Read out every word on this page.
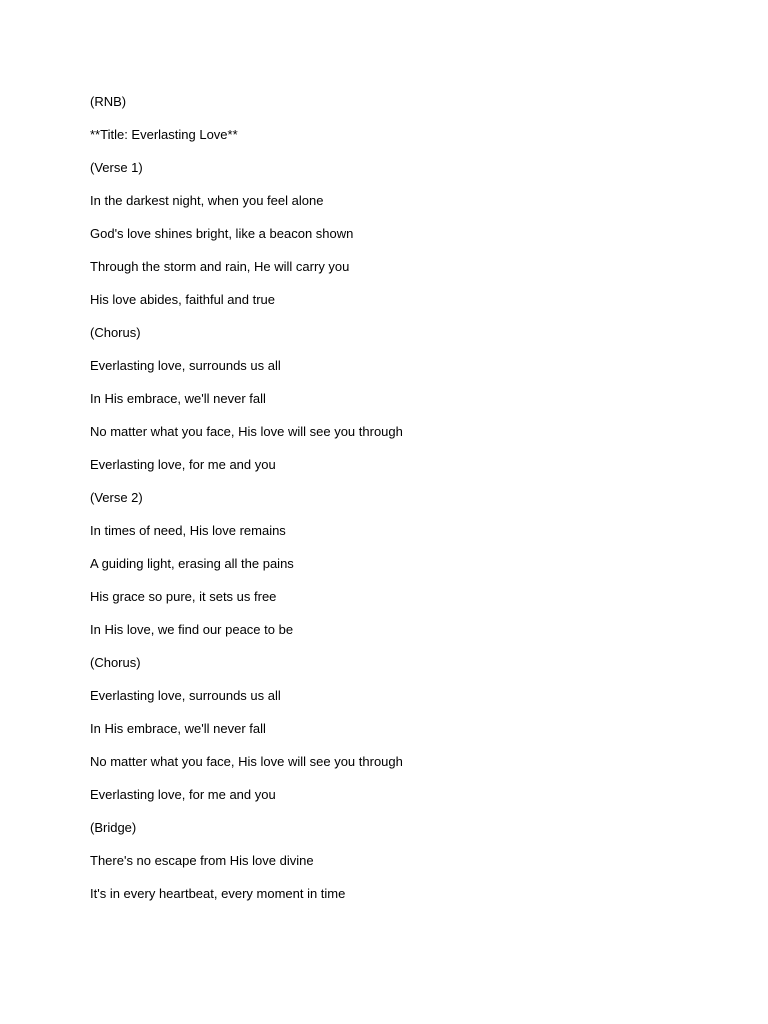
(RNB)
**Title: Everlasting Love**
(Verse 1)
In the darkest night, when you feel alone
God's love shines bright, like a beacon shown
Through the storm and rain, He will carry you
His love abides, faithful and true
(Chorus)
Everlasting love, surrounds us all
In His embrace, we'll never fall
No matter what you face, His love will see you through
Everlasting love, for me and you
(Verse 2)
In times of need, His love remains
A guiding light, erasing all the pains
His grace so pure, it sets us free
In His love, we find our peace to be
(Chorus)
Everlasting love, surrounds us all
In His embrace, we'll never fall
No matter what you face, His love will see you through
Everlasting love, for me and you
(Bridge)
There's no escape from His love divine
It's in every heartbeat, every moment in time
